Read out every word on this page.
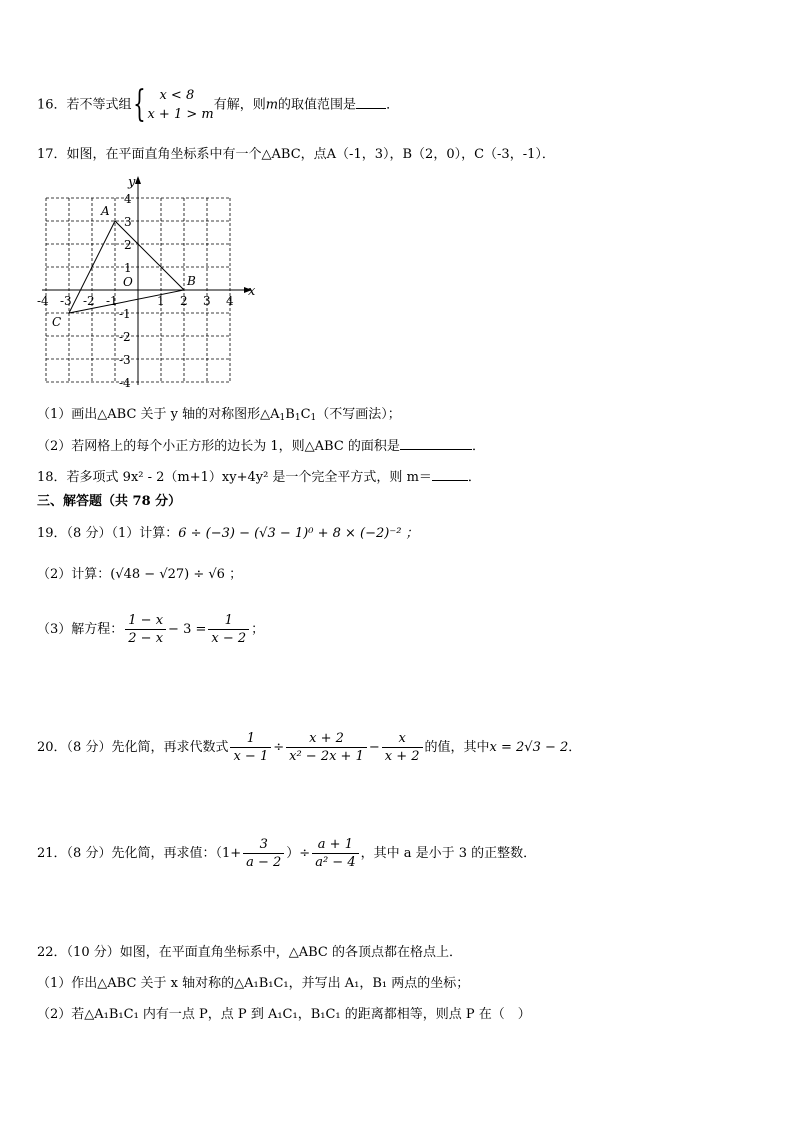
16．若不等式组{	x < 8
x + 1 > m
有解，则m的取值范围是 ．
17．如图，在平面直角坐标系中有一个△ABC，点A（-1，3），B（2，0），C（-3，-1）．
x
y
-4 -3 -2 -1	1 2 3 4
4
3
2
1
-1
-2
-3
-4
O
A
B
C
（1）画出△ABC 关于 y 轴的对称图形$\triangle A_1B_1C_1$（不写画法）；
（2）若网格上的每个小正方形的边长为 1，则△ABC 的面积是	．
18．若多项式 9x² - 2（m+1）xy+4y² 是一个完全平方式，则 m＝	．
三、解答题（共 78 分）
19．（8 分）（1）计算：6 ÷ (−3) − (√3 − 1)⁰ + 8 × (−2)⁻² ；
（2）计算：(√48 − √27) ÷ √6 ；
（3）解方程： $\frac{1 - x}{2 - x} - 3 = \frac{1}{x - 2}$ ；
20．（8 分）先化简，再求代数式 $\frac{1}{x - 1} \div \frac{x + 2}{\text{x² − 2x + 1}} - \frac{x}{x + 2}$ 的值，其中x = 2√3 − 2．
21．（8 分）先化简，再求值：（$1+ \frac{3}{a - 2}$ ）÷ $\frac{a + 1}{\text{a² − 4}}$ ，其中 a 是小于 3 的正整数．
22．（10 分）如图，在平面直角坐标系中，△ABC 的各顶点都在格点上．
（1）作出△ABC 关于 x 轴对称的△A₁B₁C₁，并写出 A₁，B₁ 两点的坐标；
（2）若△A₁B₁C₁ 内有一点 P，点 P 到 A₁C₁，B₁C₁ 的距离都相等，则点 P 在（　）
